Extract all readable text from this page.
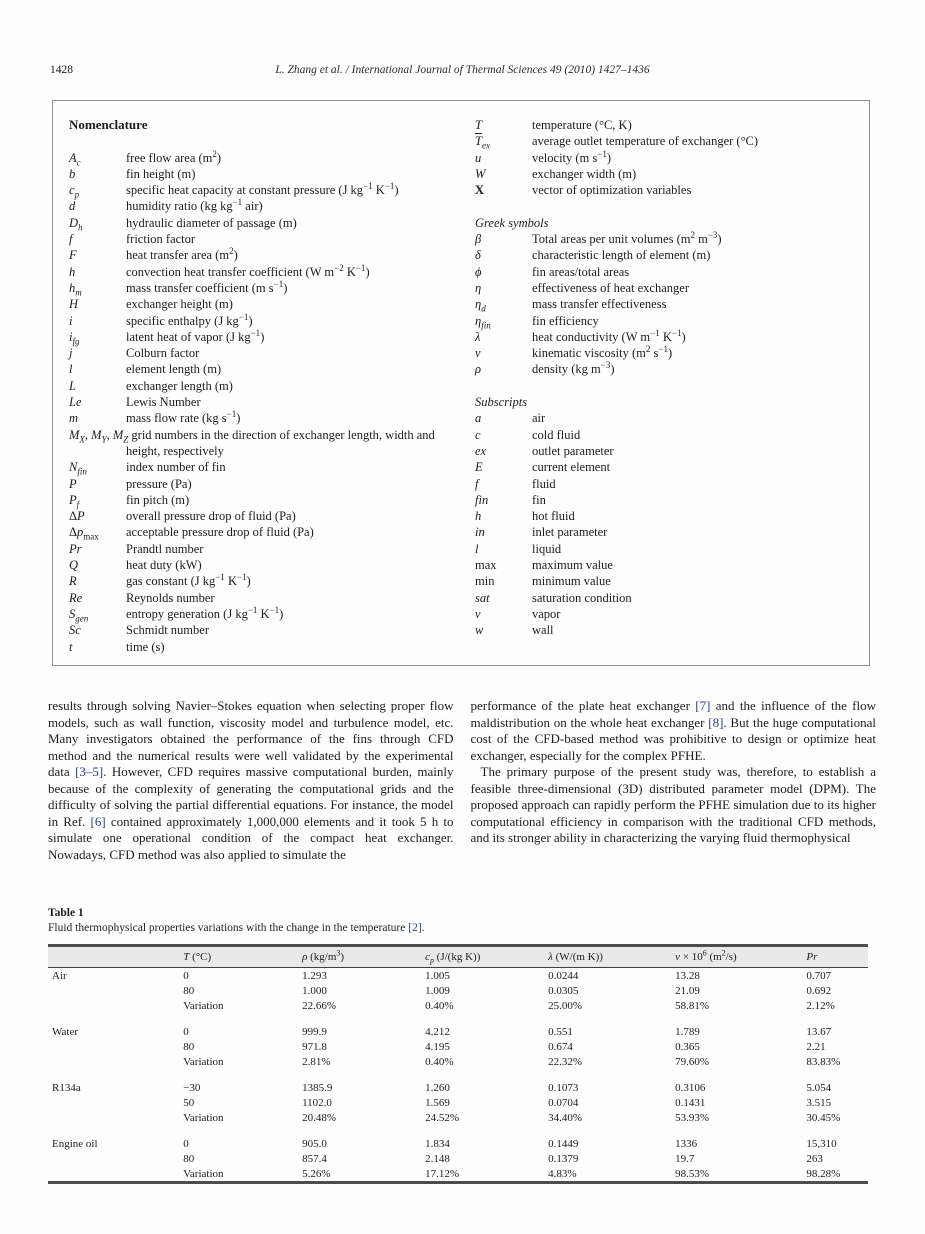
1428	L. Zhang et al. / International Journal of Thermal Sciences 49 (2010) 1427–1436
Nomenclature
$A_c$	free flow area $(m^2)$
b	fin height (m)
$c_p$	specific heat capacity at constant pressure (J $kg^{-1}$ $K^{-1}$)
d	humidity ratio (kg $kg^{-1}$ air)
$D_h$	hydraulic diameter of passage (m)
f	friction factor
F	heat transfer area $(m^2)$
h	convection heat transfer coefficient (W $m^{-2}$ $K^{-1}$)
$h_m$	mass transfer coefficient (m $s^{-1}$)
H	exchanger height (m)
i	specific enthalpy (J $kg^{-1}$)
$i_{fg}$	latent heat of vapor (J $kg^{-1}$)
j	Colburn factor
l	element length (m)
L	exchanger length (m)
Le	Lewis Number
m	mass flow rate (kg $s^{-1}$)
$M_X$, $M_Y$, $M_Z$ grid numbers in the direction of exchanger length, width and height, respectively
$N_{fin}$	index number of fin
P	pressure (Pa)
$P_f$	fin pitch (m)
ΔP	overall pressure drop of fluid (Pa)
$\Delta p_{max}$ acceptable pressure drop of fluid (Pa)
Pr	Prandtl number
Q	heat duty (kW)
R	gas constant (J $kg^{-1}$ $K^{-1}$)
Re	Reynolds number
$S_{gen}$	entropy generation (J $kg^{-1}$ $K^{-1}$)
Sc	Schmidt number
t	time (s)
T	temperature (°C, K)
$\overline{T}_{ex}$	average outlet temperature of exchanger (°C)
u	velocity (m $s^{-1}$)
W	exchanger width (m)
X	vector of optimization variables
Greek symbols
β	Total areas per unit volumes ($m^2$ $m^{-3}$)
δ	characteristic length of element (m)
ϕ	fin areas/total areas
η	effectiveness of heat exchanger
$\eta_d$	mass transfer effectiveness
$\eta_{fin}$	fin efficiency
λ	heat conductivity (W $m^{-1}$ $K^{-1}$)
ν	kinematic viscosity ($m^2$ $s^{-1}$)
ρ	density (kg $m^{-3}$)
Subscripts
a	air
c	cold fluid
ex	outlet parameter
E	current element
f	fluid
fin	fin
h	hot fluid
in	inlet parameter
l	liquid
max	maximum value
min	minimum value
sat	saturation condition
v	vapor
w	wall

results through solving Navier–Stokes equation when selecting proper flow models, such as wall function, viscosity model and turbulence model, etc. Many investigators obtained the performance of the fins through CFD method and the numerical results were well validated by the experimental data [3–5]. However, CFD requires massive computational burden, mainly because of the complexity of generating the computational grids and the difficulty of solving the partial differential equations. For instance, the model in Ref. [6] contained approximately 1,000,000 elements and it took 5 h to simulate one operational condition of the compact heat exchanger. Nowadays, CFD method was also applied to simulate the

performance of the plate heat exchanger [7] and the influence of the flow maldistribution on the whole heat exchanger [8]. But the huge computational cost of the CFD-based method was prohibitive to design or optimize heat exchanger, especially for the complex PFHE.

The primary purpose of the present study was, therefore, to establish a feasible three-dimensional (3D) distributed parameter model (DPM). The proposed approach can rapidly perform the PFHE simulation due to its higher computational efficiency in comparison with the traditional CFD methods, and its stronger ability in characterizing the varying fluid thermophysical

Table 1
Fluid thermophysical properties variations with the change in the temperature [2].
	T (°C)	ρ $(kg/m^3)$	$c_p$ (J/(kg K))	λ (W/(m K))	$\nu \times 10^6$ $(m^2/s)$	Pr
Air	0	1.293	1.005	0.0244	13.28	0.707
	80	1.000	1.009	0.0305	21.09	0.692
	Variation	22.66%	0.40%	25.00%	58.81%	2.12%
Water	0	999.9	4.212	0.551	1.789	13.67
	80	971.8	4.195	0.674	0.365	2.21
	Variation	2.81%	0.40%	22.32%	79.60%	83.83%
R134a	−30	1385.9	1.260	0.1073	0.3106	5.054
	50	1102.0	1.569	0.0704	0.1431	3.515
	Variation	20.48%	24.52%	34.40%	53.93%	30.45%
Engine oil	0	905.0	1.834	0.1449	1336	15,310
	80	857.4	2.148	0.1379	19.7	263
	Variation	5.26%	17.12%	4.83%	98.53%	98.28%
